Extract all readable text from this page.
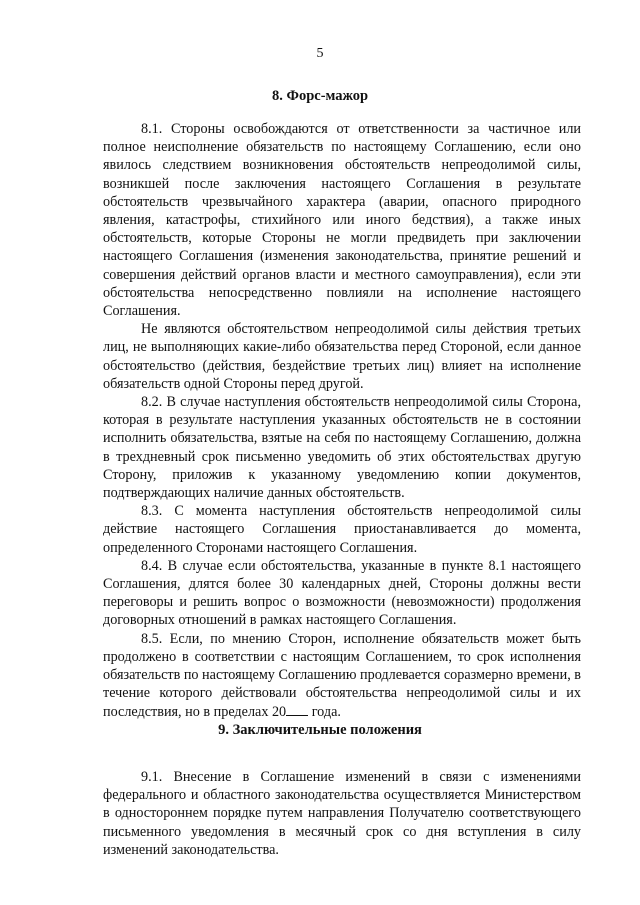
5
8. Форс-мажор

8.1. Стороны освобождаются от ответственности за частичное или полное неисполнение обязательств по настоящему Соглашению, если оно явилось следствием возникновения обстоятельств непреодолимой силы, возникшей после заключения настоящего Соглашения в результате обстоятельств чрезвычайного характера (аварии, опасного природного явления, катастрофы, стихийного или иного бедствия), а также иных обстоятельств, которые Стороны не могли предвидеть при заключении настоящего Соглашения (изменения законодательства, принятие решений и совершения действий органов власти и местного самоуправления), если эти обстоятельства непосредственно повлияли на исполнение настоящего Соглашения.

Не являются обстоятельством непреодолимой силы действия третьих лиц, не выполняющих какие-либо обязательства перед Стороной, если данное обстоятельство (действия, бездействие третьих лиц) влияет на исполнение обязательств одной Стороны перед другой.

8.2. В случае наступления обстоятельств непреодолимой силы Сторона, которая в результате наступления указанных обстоятельств не в состоянии исполнить обязательства, взятые на себя по настоящему Соглашению, должна в трехдневный срок письменно уведомить об этих обстоятельствах другую Сторону, приложив к указанному уведомлению копии документов, подтверждающих наличие данных обстоятельств.

8.3. С момента наступления обстоятельств непреодолимой силы действие настоящего Соглашения приостанавливается до момента, определенного Сторонами настоящего Соглашения.

8.4. В случае если обстоятельства, указанные в пункте 8.1 настоящего Соглашения, длятся более 30 календарных дней, Стороны должны вести переговоры и решить вопрос о возможности (невозможности) продолжения договорных отношений в рамках настоящего Соглашения.

8.5. Если, по мнению Сторон, исполнение обязательств может быть продолжено в соответствии с настоящим Соглашением, то срок исполнения обязательств по настоящему Соглашению продлевается соразмерно времени, в течение которого действовали обстоятельства непреодолимой силы и их последствия, но в пределах 20 года.

9. Заключительные положения

9.1. Внесение в Соглашение изменений в связи с изменениями федерального и областного законодательства осуществляется Министерством в одностороннем порядке путем направления Получателю соответствующего письменного уведомления в месячный срок со дня вступления в силу изменений законодательства.
